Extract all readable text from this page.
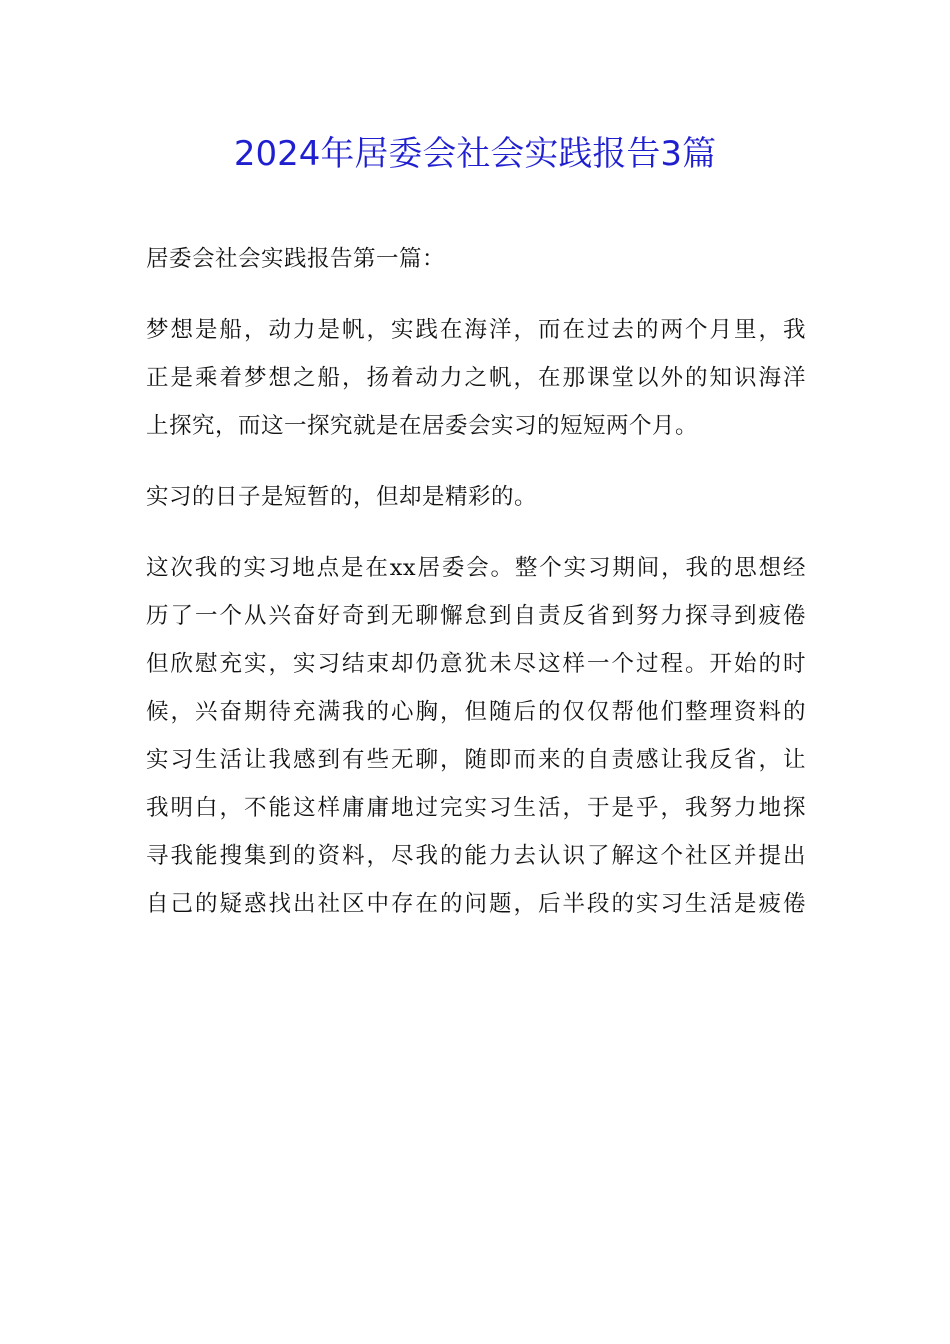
2024年居委会社会实践报告3篇

居委会社会实践报告第一篇：

梦想是船，动力是帆，实践在海洋，而在过去的两个月里，我

正是乘着梦想之船，扬着动力之帆，在那课堂以外的知识海洋

上探究，而这一探究就是在居委会实习的短短两个月。

实习的日子是短暂的，但却是精彩的。

这次我的实习地点是在xx居委会。整个实习期间，我的思想经

历了一个从兴奋好奇到无聊懈怠到自责反省到努力探寻到疲倦

但欣慰充实，实习结束却仍意犹未尽这样一个过程。开始的时

候，兴奋期待充满我的心胸，但随后的仅仅帮他们整理资料的

实习生活让我感到有些无聊，随即而来的自责感让我反省，让

我明白，不能这样庸庸地过完实习生活，于是乎，我努力地探

寻我能搜集到的资料，尽我的能力去认识了解这个社区并提出

自己的疑惑找出社区中存在的问题，后半段的实习生活是疲倦
